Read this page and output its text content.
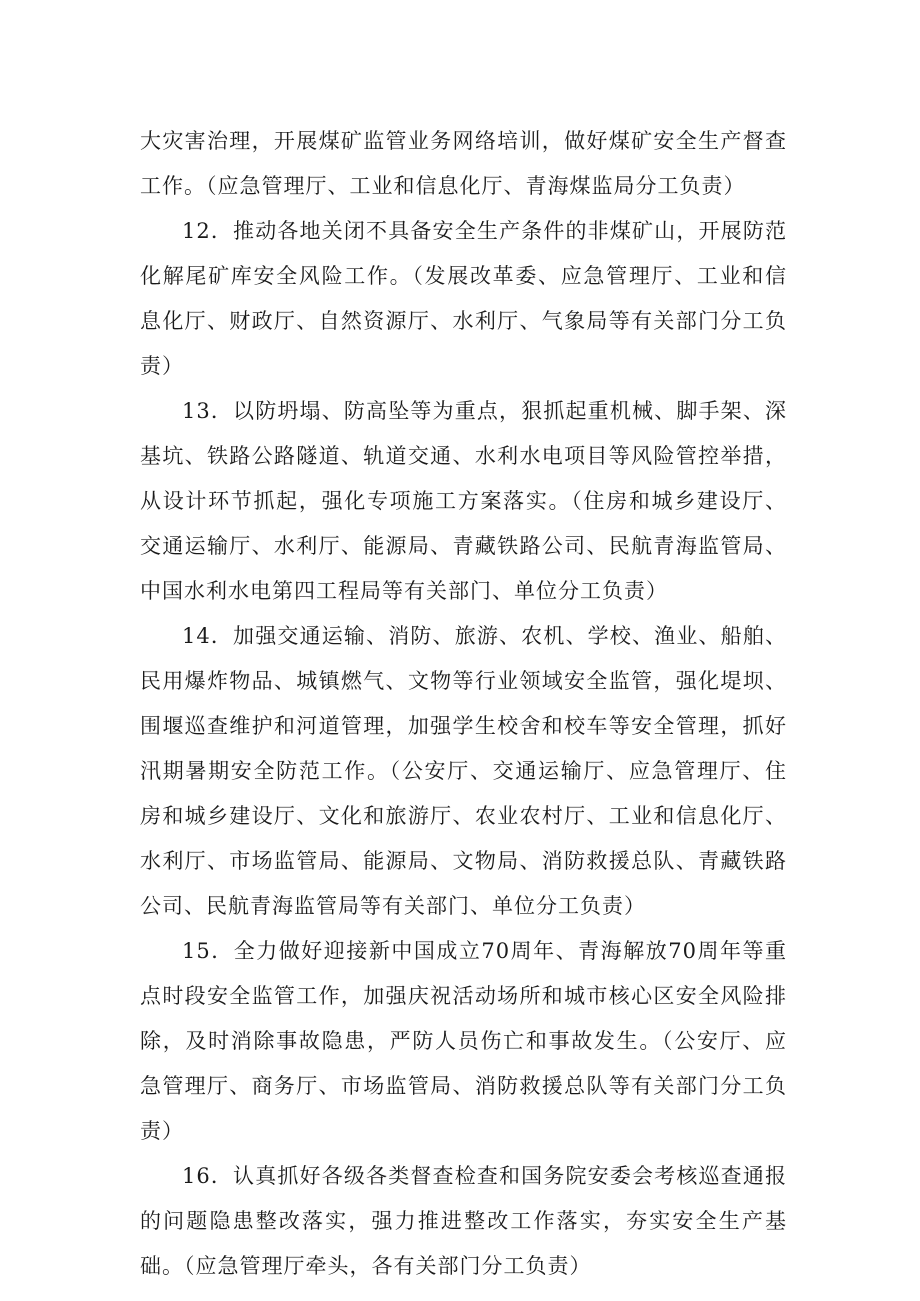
大灾害治理，开展煤矿监管业务网络培训，做好煤矿安全生产督查工作。（应急管理厅、工业和信息化厅、青海煤监局分工负责）

12．推动各地关闭不具备安全生产条件的非煤矿山，开展防范化解尾矿库安全风险工作。（发展改革委、应急管理厅、工业和信息化厅、财政厅、自然资源厅、水利厅、气象局等有关部门分工负责）

13．以防坍塌、防高坠等为重点，狠抓起重机械、脚手架、深基坑、铁路公路隧道、轨道交通、水利水电项目等风险管控举措，从设计环节抓起，强化专项施工方案落实。（住房和城乡建设厅、交通运输厅、水利厅、能源局、青藏铁路公司、民航青海监管局、中国水利水电第四工程局等有关部门、单位分工负责）

14．加强交通运输、消防、旅游、农机、学校、渔业、船舶、民用爆炸物品、城镇燃气、文物等行业领域安全监管，强化堤坝、围堰巡查维护和河道管理，加强学生校舍和校车等安全管理，抓好汛期暑期安全防范工作。（公安厅、交通运输厅、应急管理厅、住房和城乡建设厅、文化和旅游厅、农业农村厅、工业和信息化厅、水利厅、市场监管局、能源局、文物局、消防救援总队、青藏铁路公司、民航青海监管局等有关部门、单位分工负责）

15．全力做好迎接新中国成立70周年、青海解放70周年等重点时段安全监管工作，加强庆祝活动场所和城市核心区安全风险排除，及时消除事故隐患，严防人员伤亡和事故发生。（公安厅、应急管理厅、商务厅、市场监管局、消防救援总队等有关部门分工负责）

16．认真抓好各级各类督查检查和国务院安委会考核巡查通报的问题隐患整改落实，强力推进整改工作落实，夯实安全生产基础。（应急管理厅牵头，各有关部门分工负责）
